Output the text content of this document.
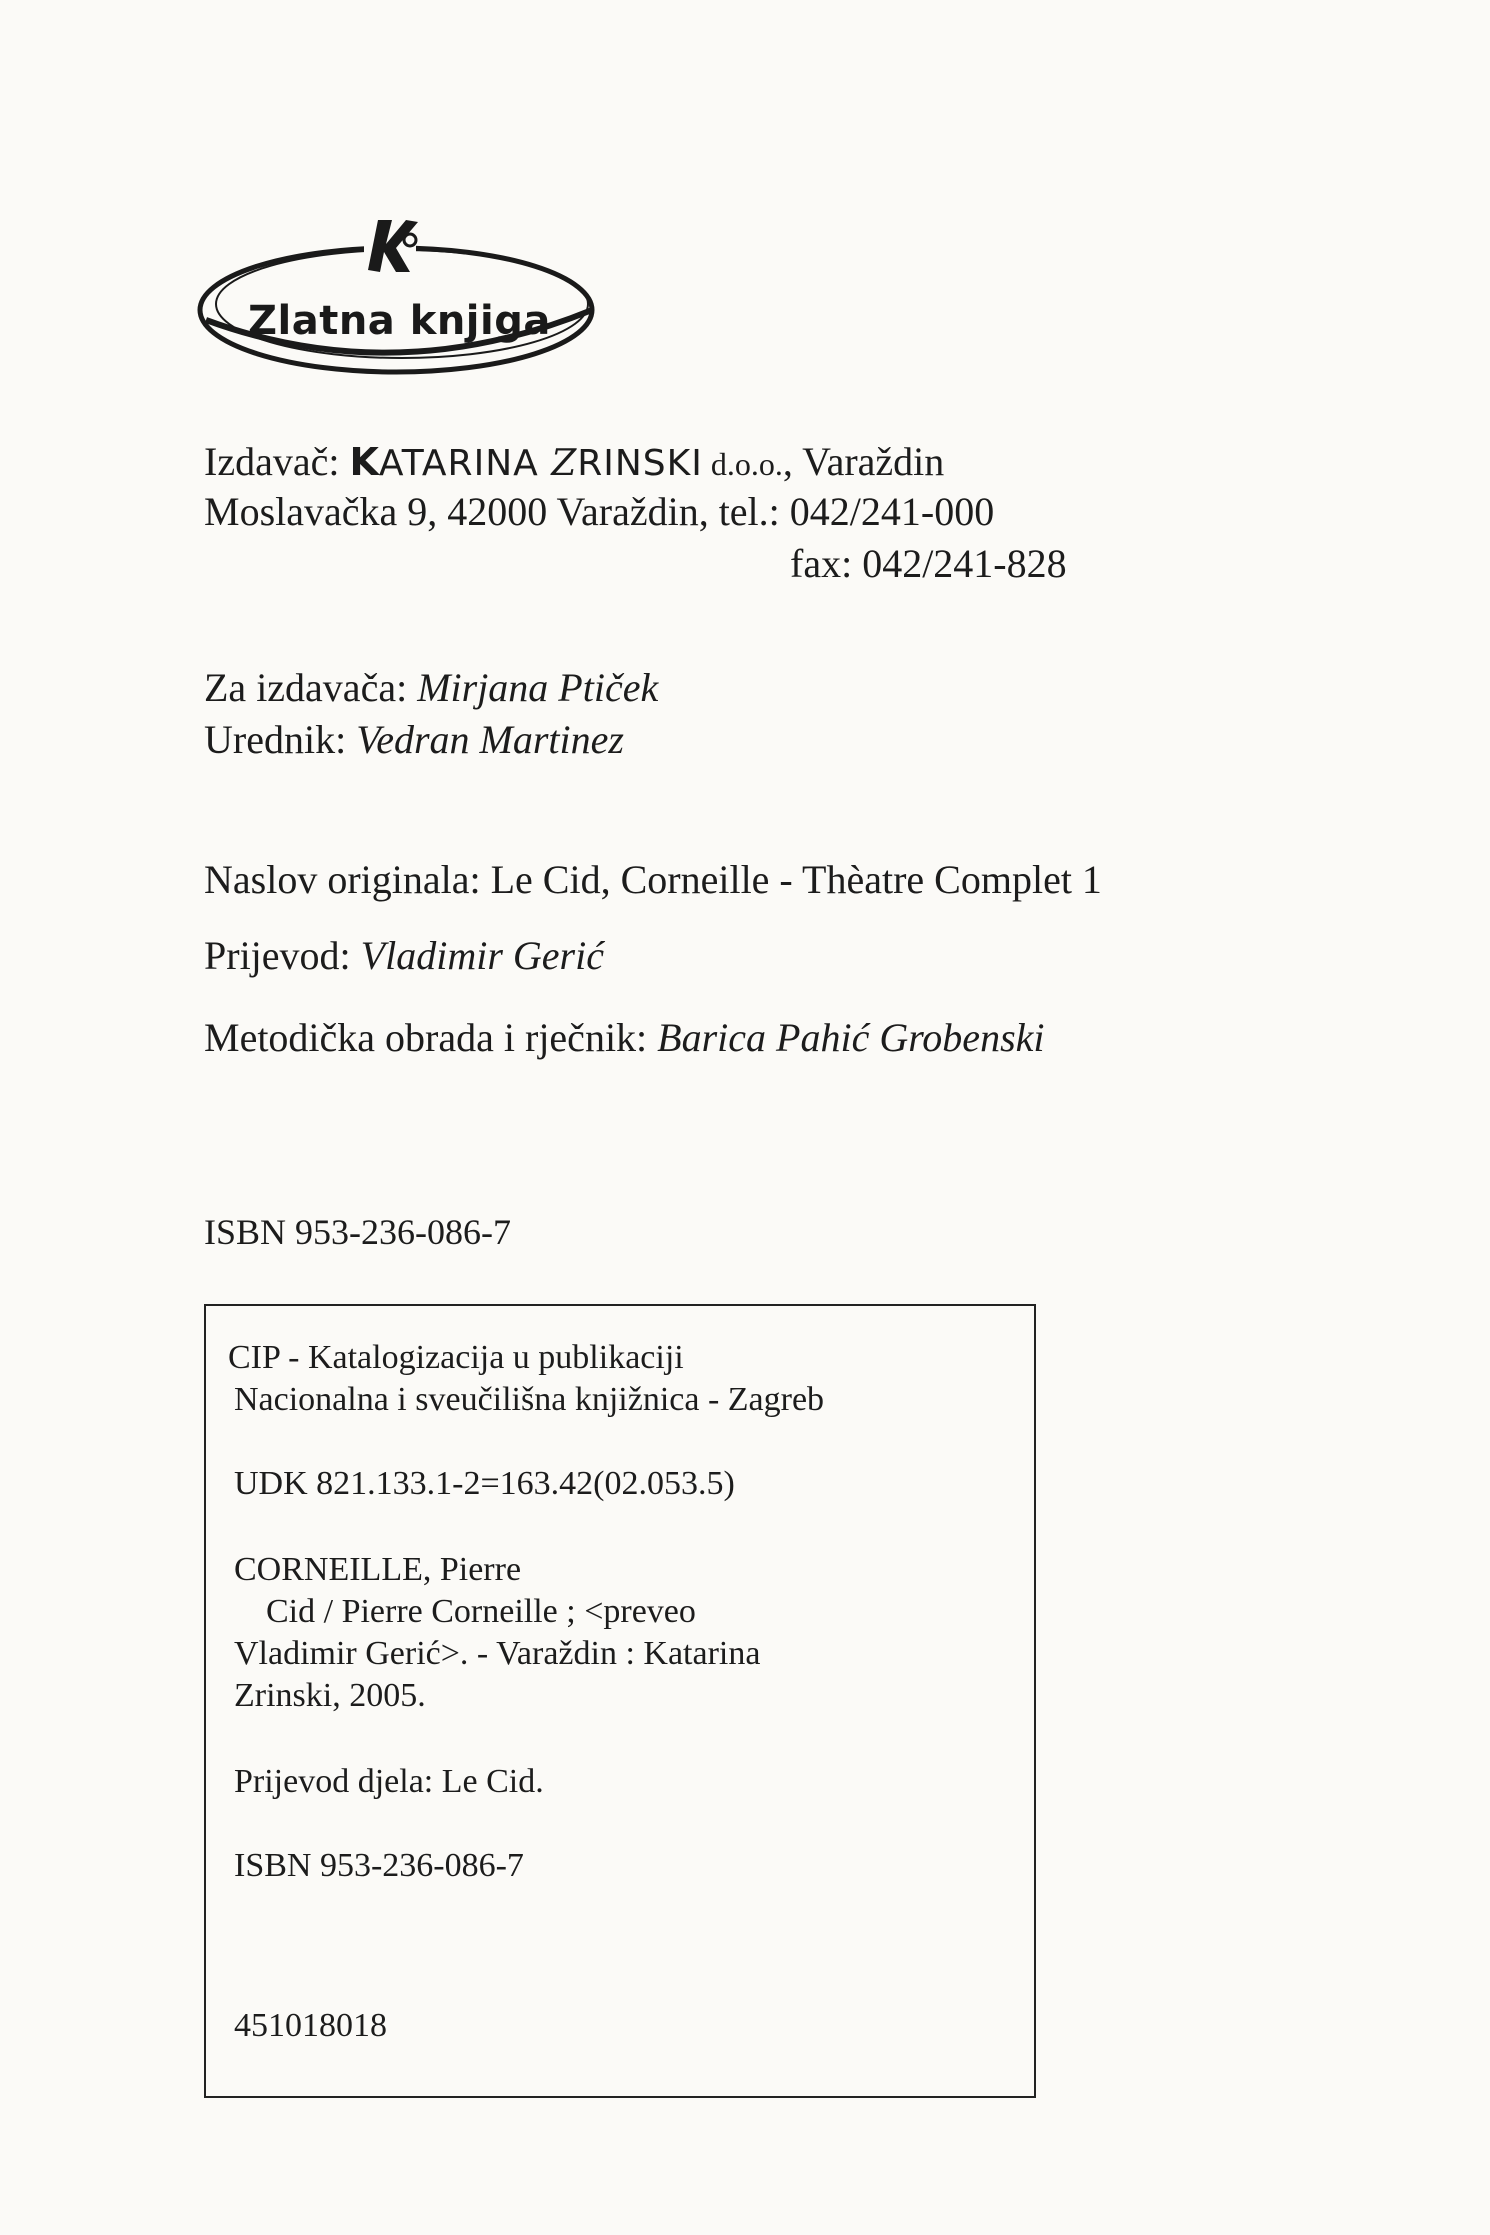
Zlatna knjiga
Izdavač: KATARINA ZRINSKI d.o.o., Varaždin
Moslavačka 9, 42000 Varaždin, tel.: 042/241-000
fax: 042/241-828
Za izdavača: Mirjana Ptiček
Urednik: Vedran Martinez
Naslov originala: Le Cid, Corneille - Thèatre Complet 1
Prijevod: Vladimir Gerić
Metodička obrada i rječnik: Barica Pahić Grobenski
ISBN 953-236-086-7
CIP - Katalogizacija u publikaciji
Nacionalna i sveučilišna knjižnica - Zagreb
UDK 821.133.1-2=163.42(02.053.5)
CORNEILLE, Pierre
Cid / Pierre Corneille ; <preveo
Vladimir Gerić>. - Varaždin : Katarina
Zrinski, 2005.
Prijevod djela: Le Cid.
ISBN 953-236-086-7
451018018
